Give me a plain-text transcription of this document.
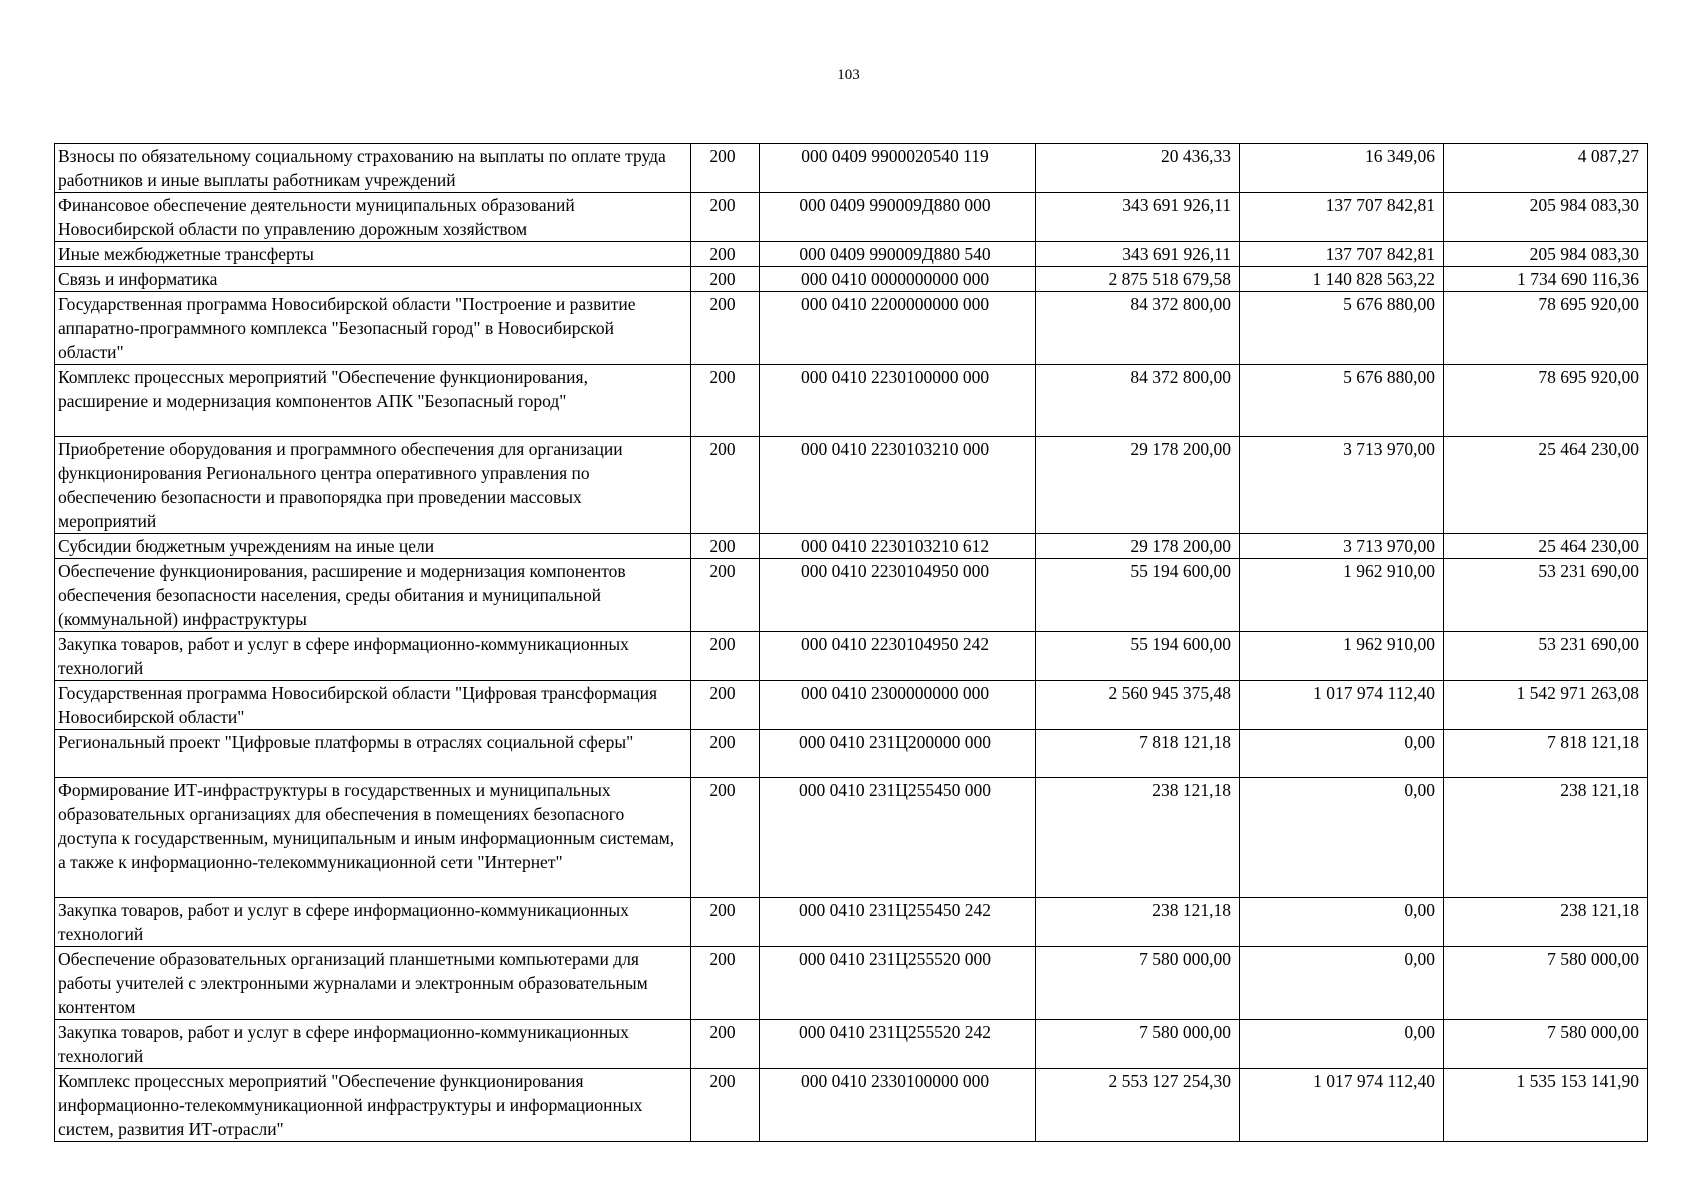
103
Взносы по обязательному социальному страхованию на выплаты по оплате труда работников и иные выплаты работникам учреждений	200	000 0409 9900020540 119	20 436,33	16 349,06	4 087,27
Финансовое обеспечение деятельности муниципальных образований Новосибирской области по управлению дорожным хозяйством	200	000 0409 990009Д880 000	343 691 926,11	137 707 842,81	205 984 083,30
Иные межбюджетные трансферты	200	000 0409 990009Д880 540	343 691 926,11	137 707 842,81	205 984 083,30
Связь и информатика	200	000 0410 0000000000 000	2 875 518 679,58	1 140 828 563,22	1 734 690 116,36
Государственная программа Новосибирской области "Построение и развитие аппаратно-программного комплекса "Безопасный город" в Новосибирской области"	200	000 0410 2200000000 000	84 372 800,00	5 676 880,00	78 695 920,00
Комплекс процессных мероприятий "Обеспечение функционирования, расширение и модернизация компонентов АПК "Безопасный город"	200	000 0410 2230100000 000	84 372 800,00	5 676 880,00	78 695 920,00
Приобретение оборудования и программного обеспечения для организации функционирования Регионального центра оперативного управления по обеспечению безопасности и правопорядка при проведении массовых мероприятий	200	000 0410 2230103210 000	29 178 200,00	3 713 970,00	25 464 230,00
Субсидии бюджетным учреждениям на иные цели	200	000 0410 2230103210 612	29 178 200,00	3 713 970,00	25 464 230,00
Обеспечение функционирования, расширение и модернизация компонентов обеспечения безопасности населения, среды обитания и муниципальной (коммунальной) инфраструктуры	200	000 0410 2230104950 000	55 194 600,00	1 962 910,00	53 231 690,00
Закупка товаров, работ и услуг в сфере информационно-коммуникационных технологий	200	000 0410 2230104950 242	55 194 600,00	1 962 910,00	53 231 690,00
Государственная программа Новосибирской области "Цифровая трансформация Новосибирской области"	200	000 0410 2300000000 000	2 560 945 375,48	1 017 974 112,40	1 542 971 263,08
Региональный проект "Цифровые платформы в отраслях социальной сферы"	200	000 0410 231Ц200000 000	7 818 121,18	0,00	7 818 121,18
Формирование ИТ-инфраструктуры в государственных и муниципальных образовательных организациях для обеспечения в помещениях безопасного доступа к государственным, муниципальным и иным информационным системам, а также к информационно-телекоммуникационной сети "Интернет"	200	000 0410 231Ц255450 000	238 121,18	0,00	238 121,18
Закупка товаров, работ и услуг в сфере информационно-коммуникационных технологий	200	000 0410 231Ц255450 242	238 121,18	0,00	238 121,18
Обеспечение образовательных организаций планшетными компьютерами для работы учителей с электронными журналами и электронным образовательным контентом	200	000 0410 231Ц255520 000	7 580 000,00	0,00	7 580 000,00
Закупка товаров, работ и услуг в сфере информационно-коммуникационных технологий	200	000 0410 231Ц255520 242	7 580 000,00	0,00	7 580 000,00
Комплекс процессных мероприятий "Обеспечение функционирования информационно-телекоммуникационной инфраструктуры и информационных систем, развития ИТ-отрасли"	200	000 0410 2330100000 000	2 553 127 254,30	1 017 974 112,40	1 535 153 141,90
